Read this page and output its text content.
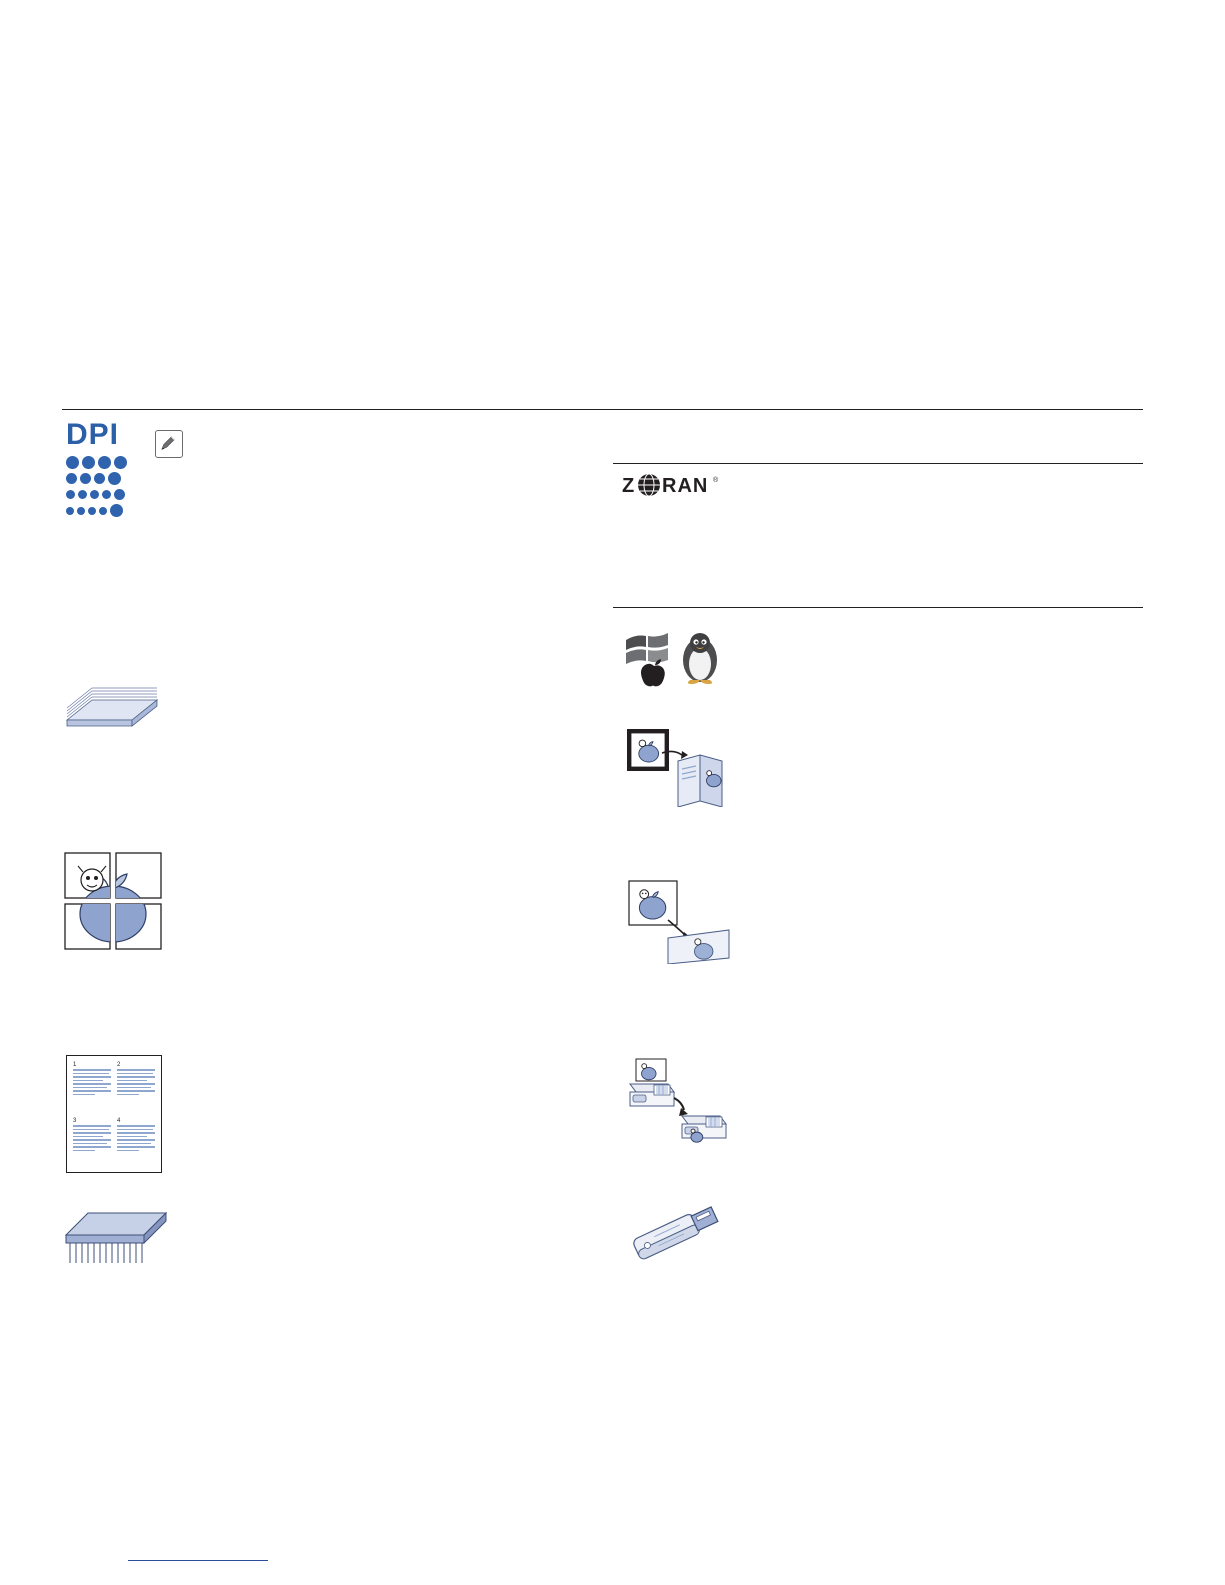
DPI
1	2
3	4
Z RAN ®
